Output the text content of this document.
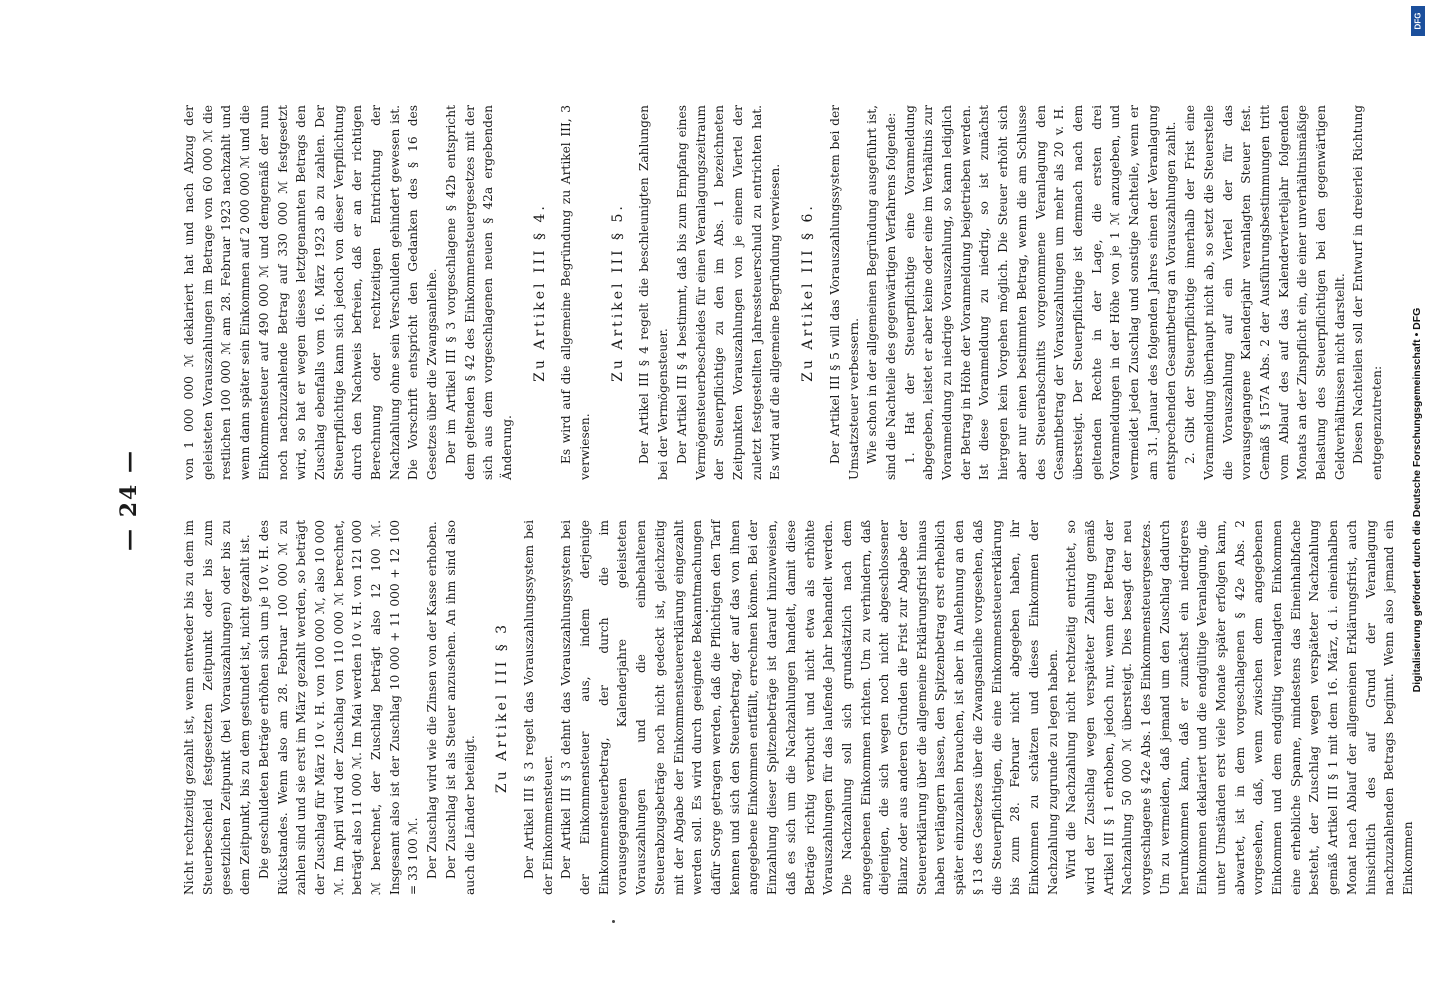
— 24 —

Nicht rechtzeitig gezahlt ist, wenn entweder bis zu dem im Steuerbescheid festgesetzten Zeitpunkt oder bis zum gesetzlichen Zeitpunkt (bei Vorauszahlungen) oder bis zu dem Zeitpunkt, bis zu dem gestundet ist, nicht gezahlt ist. Die geschuldeten Beträge erhöhen sich um je 10 v. H. des Rückstandes. Wenn also am 28. Februar 100 000 ℳ zu zahlen sind und sie erst im März gezahlt werden, so beträgt der Zuschlag für März 10 v. H. von 100 000 ℳ, also 10 000 ℳ. Im April wird der Zuschlag von 110 000 ℳ berechnet, beträgt also 11 000 ℳ. Im Mai werden 10 v. H. von 121 000 ℳ berechnet, der Zuschlag beträgt also 12 100 ℳ. Insgesamt also ist der Zuschlag 10 000 + 11 000 + 12 100 = 33 100 ℳ. Der Zuschlag wird wie die Zinsen von der Kasse erhoben. Der Zuschlag ist als Steuer anzusehen. An ihm sind also auch die Länder beteiligt.

Zu Artikel III § 3 Der Artikel III § 3 regelt das Vorauszahlungssystem bei der Einkommensteuer. Der Artikel III § 3 dehnt das Vorauszahlungssystem bei der Einkommensteuer aus, indem derjenige Einkommensteuerbetrag, der durch die im vorausgegangenen Kalenderjahre geleisteten Vorauszahlungen und die einbehaltenen Steuerabzugsbeträge noch nicht gedeckt ist, gleichzeitig mit der Abgabe der Einkommensteuererklärung eingezahlt werden soll. Es wird durch geeignete Bekanntmachungen dafür Sorge getragen werden, daß die Pflichtigen den Tarif kennen und sich den Steuerbetrag, der auf das von ihnen angegebene Einkommen entfällt, errechnen können. Bei der Einzahlung dieser Spitzenbeträge ist darauf hinzuweisen, daß es sich um die Nachzahlungen handelt, damit diese Beträge richtig verbucht und nicht etwa als erhöhte Vorauszahlungen für das laufende Jahr behandelt werden. Die Nachzahlung soll sich grundsätzlich nach dem angegebenen Einkommen richten. Um zu verhindern, daß diejenigen, die sich wegen noch nicht abgeschlossener Bilanz oder aus anderen Gründen die Frist zur Abgabe der Steuererklärung über die allgemeine Erklärungsfrist hinaus haben verlängern lassen, den Spitzenbetrag erst erheblich später einzuzahlen brauchen, ist aber in Anlehnung an den § 13 des Gesetzes über die Zwangsanleihe vorgesehen, daß die Steuerpflichtigen, die eine Einkommensteuererklärung bis zum 28. Februar nicht abgegeben haben, ihr Einkommen zu schätzen und dieses Einkommen der Nachzahlung zugrunde zu legen haben. Wird die Nachzahlung nicht rechtzeitig entrichtet, so wird der Zuschlag wegen verspäteter Zahlung gemäß Artikel III § 1 erhoben, jedoch nur, wenn der Betrag der Nachzahlung 50 000 ℳ übersteigt. Dies besagt der neu vorgeschlagene § 42e Abs. 1 des Einkommensteuergesetzes. Um zu vermeiden, daß jemand um den Zuschlag dadurch herumkommen kann, daß er zunächst ein niedrigeres Einkommen deklariert und die endgültige Veranlagung, die unter Umständen erst viele Monate später erfolgen kann, abwartet, ist in dem vorgeschlagenen § 42e Abs. 2 vorgesehen, daß, wenn zwischen dem angegebenen Einkommen und dem endgültig veranlagten Einkommen eine erhebliche Spanne, mindestens das Eineinhalbfache besteht, der Zuschlag wegen verspäteter Nachzahlung gemäß Artikel III § 1 mit dem 16. März, d. i. eineinhalben Monat nach Ablauf der allgemeinen Erklärungsfrist, auch hinsichtlich des auf Grund der Veranlagung nachzuzahlenden Betrags beginnt. Wenn also jemand ein Einkommen

von 1 000 000 ℳ deklariert hat und nach Abzug der geleisteten Vorauszahlungen im Betrage von 60 000 ℳ die restlichen 100 000 ℳ am 28. Februar 1923 nachzahlt und wenn dann später sein Einkommen auf 2 000 000 ℳ und die Einkommensteuer auf 490 000 ℳ und demgemäß der nun noch nachzuzahlende Betrag auf 330 000 ℳ festgesetzt wird, so hat er wegen dieses letztgenannten Betrags den Zuschlag ebenfalls vom 16. März 1923 ab zu zahlen. Der Steuerpflichtige kann sich jedoch von dieser Verpflichtung durch den Nachweis befreien, daß er an der richtigen Berechnung oder rechtzeitigen Entrichtung der Nachzahlung ohne sein Verschulden gehindert gewesen ist. Die Vorschrift entspricht den Gedanken des § 16 des Gesetzes über die Zwangsanleihe. Der im Artikel III § 3 vorgeschlagene § 42b entspricht dem geltenden § 42 des Einkommensteuergesetzes mit der sich aus dem vorgeschlagenen neuen § 42a ergebenden Änderung.

Zu Artikel III § 4. Es wird auf die allgemeine Begründung zu Artikel III, 3 verwiesen.

Zu Artikel III § 5. Der Artikel III § 4 regelt die beschleunigten Zahlungen bei der Vermögensteuer. Der Artikel III § 4 bestimmt, daß bis zum Empfang eines Vermögensteuerbescheides für einen Veranlagungszeitraum der Steuerpflichtige zu den im Abs. 1 bezeichneten Zeitpunkten Vorauszahlungen von je einem Viertel der zuletzt festgestellten Jahressteuerschuld zu entrichten hat. Es wird auf die allgemeine Begründung verwiesen. Zu Artikel III § 6. Der Artikel III § 5 will das Vorauszahlungssystem bei der Umsatzsteuer verbessern. Wie schon in der allgemeinen Begründung ausgeführt ist, sind die Nachteile des gegenwärtigen Verfahrens folgende: 1. Hat der Steuerpflichtige eine Voranmeldung abgegeben, leistet er aber keine oder eine im Verhältnis zur Voranmeldung zu niedrige Vorauszahlung, so kann lediglich der Betrag in Höhe der Voranmeldung beigetrieben werden. Ist diese Voranmeldung zu niedrig, so ist zunächst hiergegen kein Vorgehen möglich. Die Steuer erhöht sich aber nur einen bestimmten Betrag, wenn die am Schlusse des Steuerabschnitts vorgenommene Veranlagung den Gesamtbetrag der Vorauszahlungen um mehr als 20 v. H. übersteigt. Der Steuerpflichtige ist demnach nach dem geltenden Rechte in der Lage, die ersten drei Voranmeldungen in der Höhe von je 1 ℳ anzugeben, und vermeidet jeden Zuschlag und sonstige Nachteile, wenn er am 31. Januar des folgenden Jahres einen der Veranlagung entsprechenden Gesamtbetrag an Vorauszahlungen zahlt. 2. Gibt der Steuerpflichtige innerhalb der Frist eine Voranmeldung überhaupt nicht ab, so setzt die Steuerstelle die Vorauszahlung auf ein Viertel der für das vorausgegangene Kalenderjahr veranlagten Steuer fest. Gemäß § 157A Abs. 2 der Ausführungsbestimmungen tritt vom Ablauf des auf das Kalendervierteljahr folgenden Monats an der Zinspflicht ein, die einer unverhältnismäßige Belastung des Steuerpflichtigen bei den gegenwärtigen Geldverhältnissen nicht darstellt. Diesen Nachteilen soll der Entwurf in dreierlei Richtung entgegenzutreten:	Digitalisierung gefördert durch die Deutsche Forschungsgemeinschaft • DFG
DFG
